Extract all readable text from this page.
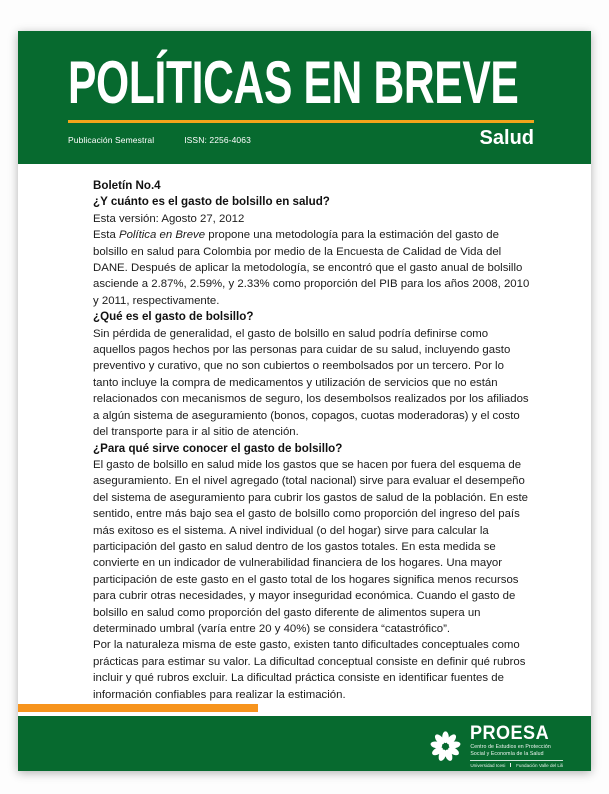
POLÍTICAS EN BREVE
Publicación Semestral	ISSN: 2256-4063	Salud
Boletín No.4
¿Y cuánto es el gasto de bolsillo en salud?

Esta versión: Agosto 27, 2012

Esta Política en Breve propone una metodología para la estimación del gasto de bolsillo en salud para Colombia por medio de la Encuesta de Calidad de Vida del DANE. Después de aplicar la metodología, se encontró que el gasto anual de bolsillo asciende a 2.87%, 2.59%, y 2.33% como proporción del PIB para los años 2008, 2010 y 2011, respectivamente.

¿Qué es el gasto de bolsillo?

Sin pérdida de generalidad, el gasto de bolsillo en salud podría definirse como aquellos pagos hechos por las personas para cuidar de su salud, incluyendo gasto preventivo y curativo, que no son cubiertos o reembolsados por un tercero. Por lo tanto incluye la compra de medicamentos y utilización de servicios que no están relacionados con mecanismos de seguro, los desembolsos realizados por los afiliados a algún sistema de aseguramiento (bonos, copagos, cuotas moderadoras) y el costo del transporte para ir al sitio de atención.

¿Para qué sirve conocer el gasto de bolsillo?

El gasto de bolsillo en salud mide los gastos que se hacen por fuera del esquema de aseguramiento. En el nivel agregado (total nacional) sirve para evaluar el desempeño del sistema de aseguramiento para cubrir los gastos de salud de la población. En este sentido, entre más bajo sea el gasto de bolsillo como proporción del ingreso del país más exitoso es el sistema. A nivel individual (o del hogar) sirve para calcular la participación del gasto en salud dentro de los gastos totales. En esta medida se convierte en un indicador de vulnerabilidad financiera de los hogares. Una mayor participación de este gasto en el gasto total de los hogares significa menos recursos para cubrir otras necesidades, y mayor inseguridad económica. Cuando el gasto de bolsillo en salud como proporción del gasto diferente de alimentos supera un determinado umbral (varía entre 20 y 40%) se considera “catastrófico”.

Por la naturaleza misma de este gasto, existen tanto dificultades conceptuales como prácticas para estimar su valor. La dificultad conceptual consiste en definir qué rubros incluir y qué rubros excluir. La dificultad práctica consiste en identificar fuentes de información confiables para realizar la estimación.

PROESA
Centro de Estudios en Protección
Social y Economía de la Salud
Universidad Icesi Fundación Valle del Lili
